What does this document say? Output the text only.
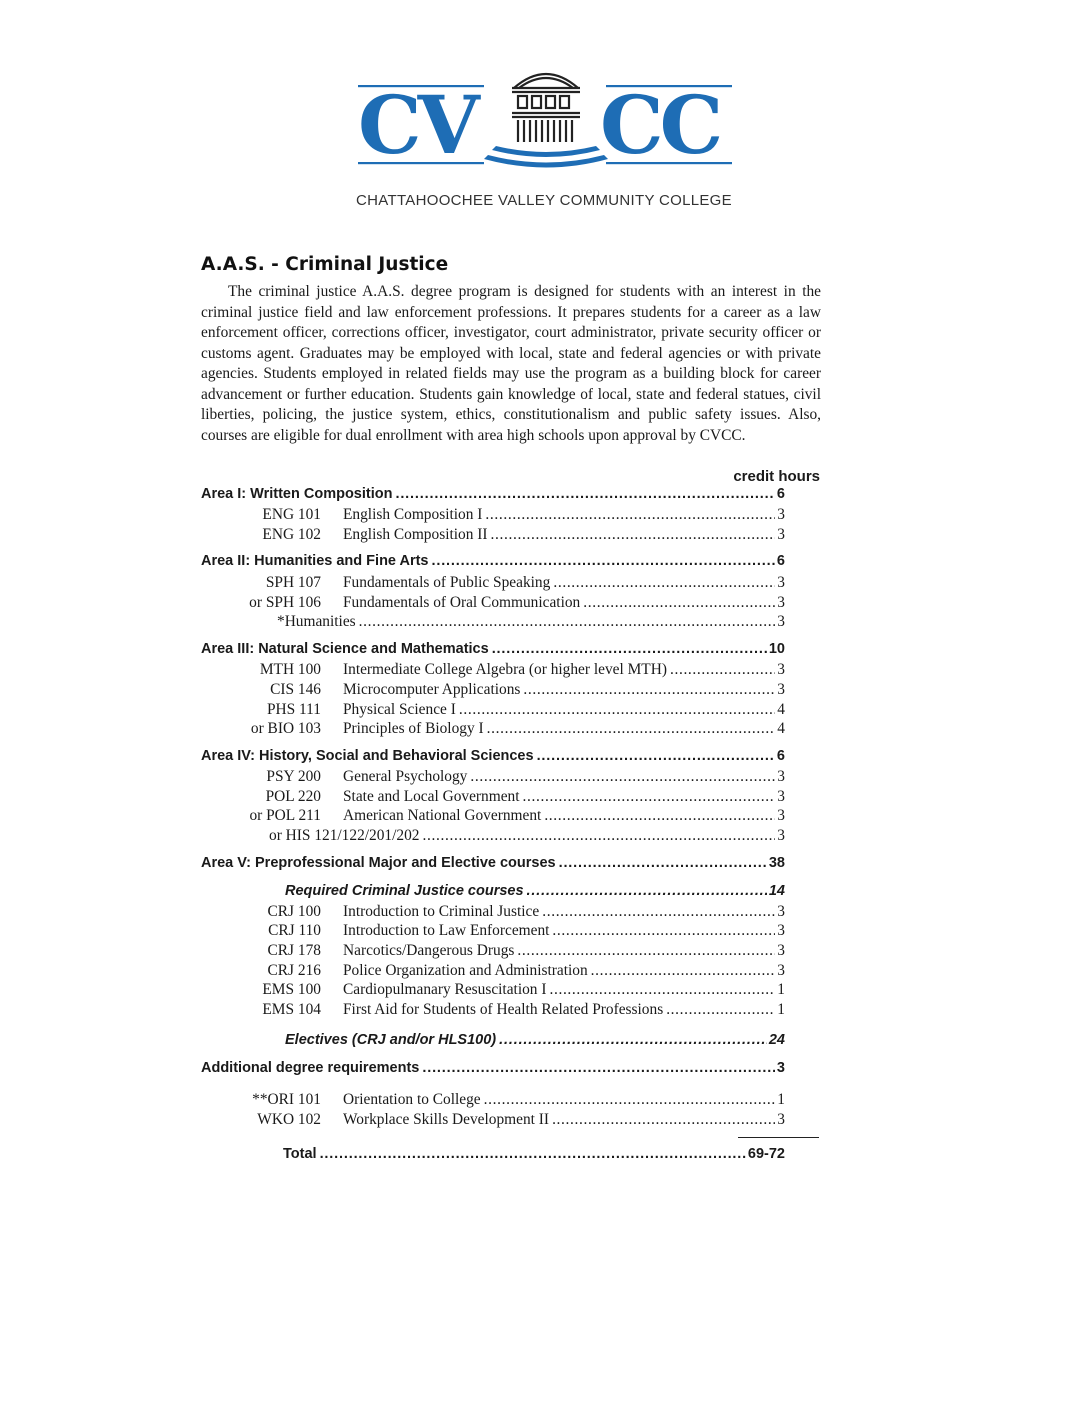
CV CC
CHATTAHOOCHEE VALLEY COMMUNITY COLLEGE
A.A.S. - Criminal Justice

The criminal justice A.A.S. degree program is designed for students with an interest in the criminal justice field and law enforcement professions. It prepares students for a career as a law enforcement officer, corrections officer, investigator, court administrator, private security officer or customs agent. Graduates may be employed with local, state and federal agencies or with private agencies. Students employed in related fields may use the program as a building block for career advancement or further education. Students gain knowledge of local, state and federal statues, civil liberties, policing, the justice system, ethics, constitutionalism and public safety issues. Also, courses are eligible for dual enrollment with area high schools upon approval by CVCC.

credit hours
Area I: Written Composition . . .	6
ENG 101	English Composition I . . .	3
ENG 102	English Composition II . . .	3
Area II: Humanities and Fine Arts . . .	6
SPH 107	Fundamentals of Public Speaking . . .	3
or SPH 106	Fundamentals of Oral Communication . . .	3
*Humanities . . .	3
Area III: Natural Science and Mathematics . . .	10
MTH 100	Intermediate College Algebra (or higher level MTH) . . .	3
CIS 146	Microcomputer Applications . . .	3
PHS 111	Physical Science I . . .	4
or BIO 103	Principles of Biology I . . .	4
Area IV: History, Social and Behavioral Sciences . . .	6
PSY 200	General Psychology . . .	3
POL 220	State and Local Government . . .	3
or POL 211	American National Government . . .	3
or HIS 121/122/201/202 . . .	3
Area V: Preprofessional Major and Elective courses . . .	38
Required Criminal Justice courses . . .	14
CRJ 100	Introduction to Criminal Justice . . .	3
CRJ 110	Introduction to Law Enforcement . . .	3
CRJ 178	Narcotics/Dangerous Drugs . . .	3
CRJ 216	Police Organization and Administration . . .	3
EMS 100	Cardiopulmanary Resuscitation I . . .	1
EMS 104	First Aid for Students of Health Related Professions . . .	1
Electives (CRJ and/or HLS100) . . .	24
Additional degree requirements . . .	3
**ORI 101	Orientation to College . . .	1
WKO 102	Workplace Skills Development II . . .	3
Total . . .	69-72
